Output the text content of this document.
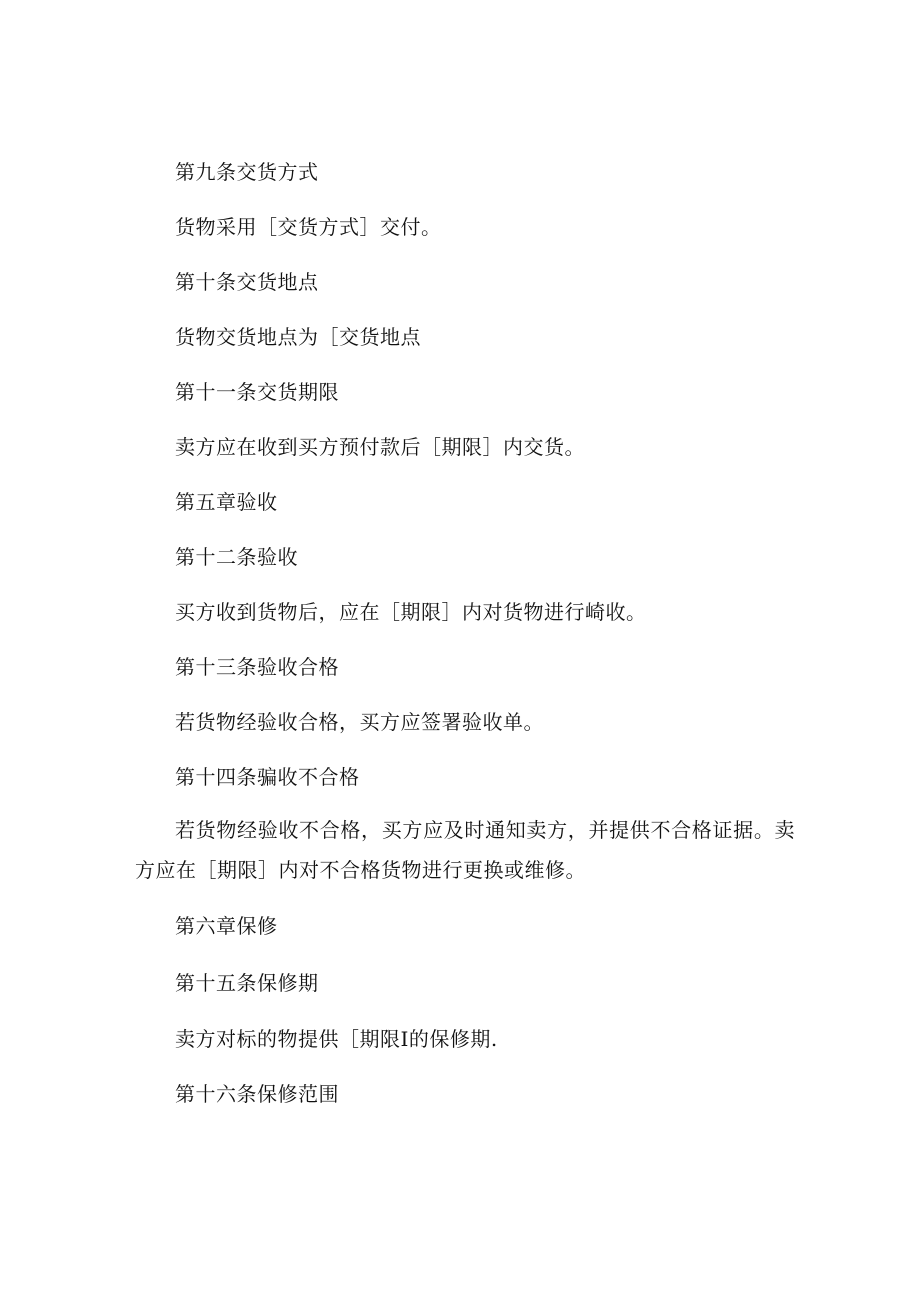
第九条交货方式
货物采用［交货方式］交付。
第十条交货地点
货物交货地点为［交货地点
第十一条交货期限
卖方应在收到买方预付款后［期限］内交货。
第五章验收
第十二条验收
买方收到货物后，应在［期限］内对货物进行崎收。
第十三条验收合格
若货物经验收合格，买方应签署验收单。
第十四条骗收不合格
若货物经验收不合格，买方应及时通知卖方，并提供不合格证据。卖方应在［期限］内对不合格货物进行更换或维修。
第六章保修
第十五条保修期
卖方对标的物提供［期限I的保修期.
第十六条保修范围
